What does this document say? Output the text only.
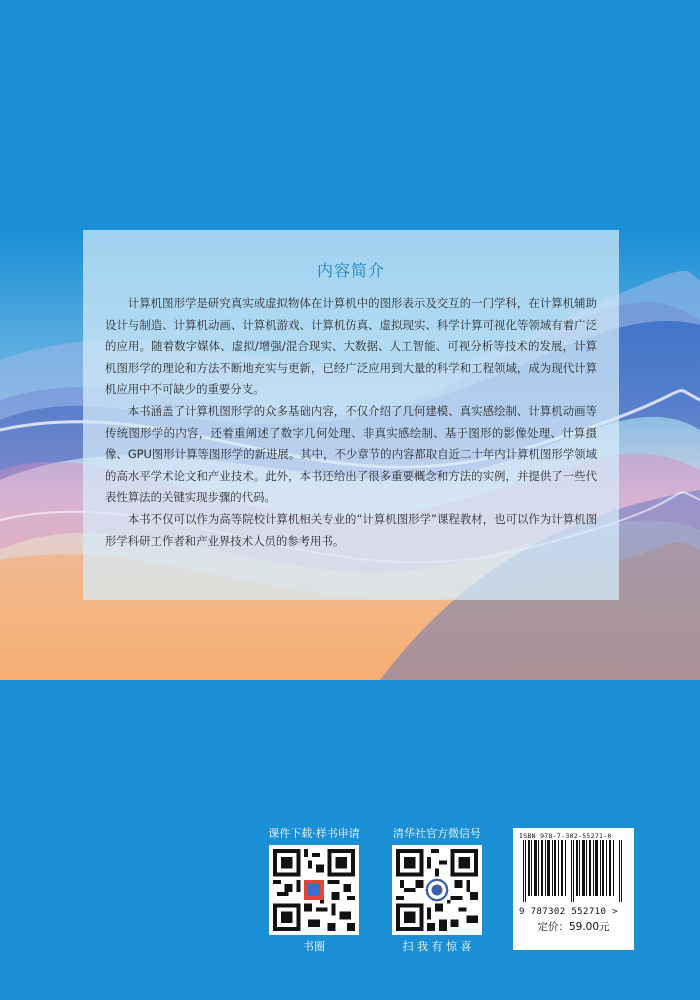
内容简介

计算机图形学是研究真实或虚拟物体在计算机中的图形表示及交互的一门学科，在计算机辅助设计与制造、计算机动画、计算机游戏、计算机仿真、虚拟现实、科学计算可视化等领域有着广泛的应用。随着数字媒体、虚拟/增强/混合现实、大数据、人工智能、可视分析等技术的发展，计算机图形学的理论和方法不断地充实与更新，已经广泛应用到大量的科学和工程领域，成为现代计算机应用中不可缺少的重要分支。

本书涵盖了计算机图形学的众多基础内容，不仅介绍了几何建模、真实感绘制、计算机动画等传统图形学的内容，还着重阐述了数字几何处理、非真实感绘制、基于图形的影像处理、计算摄像、GPU图形计算等图形学的新进展。其中，不少章节的内容都取自近二十年内计算机图形学领域的高水平学术论文和产业技术。此外，本书还给出了很多重要概念和方法的实例，并提供了一些代表性算法的关键实现步骤的代码。

本书不仅可以作为高等院校计算机相关专业的“计算机图形学”课程教材，也可以作为计算机图形学科研工作者和产业界技术人员的参考用书。

课件下载·样书申请
书圈
清华社官方微信号
扫 我 有 惊 喜
ISBN 978-7-302-55271-0
9 787302 552710 >
定价：59.00元
